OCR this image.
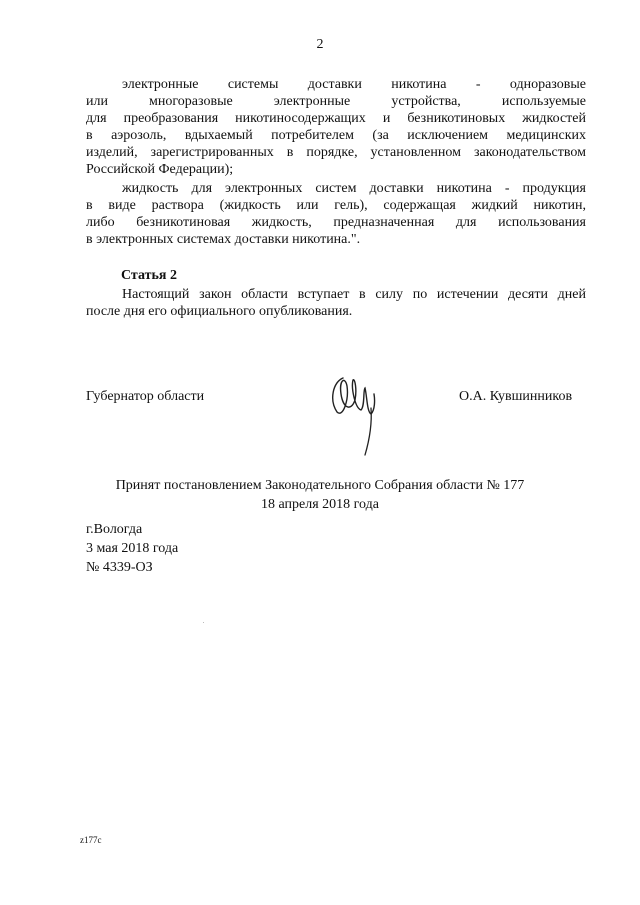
2
электронные системы доставки никотина - одноразовые
или многоразовые электронные устройства, используемые
для преобразования никотиносодержащих и безникотиновых жидкостей
в аэрозоль, вдыхаемый потребителем (за исключением медицинских
изделий, зарегистрированных в порядке, установленном законодательством
Российской Федерации);
жидкость для электронных систем доставки никотина - продукция
в виде раствора (жидкость или гель), содержащая жидкий никотин,
либо безникотиновая жидкость, предназначенная для использования
в электронных системах доставки никотина.".
Статья 2
Настоящий закон области вступает в силу по истечении десяти дней
после дня его официального опубликования.
Губернатор области	О.А. Кувшинников
Принят постановлением Законодательного Собрания области № 177
18 апреля 2018 года
г.Вологда
3 мая 2018 года
№ 4339-ОЗ
z177c
